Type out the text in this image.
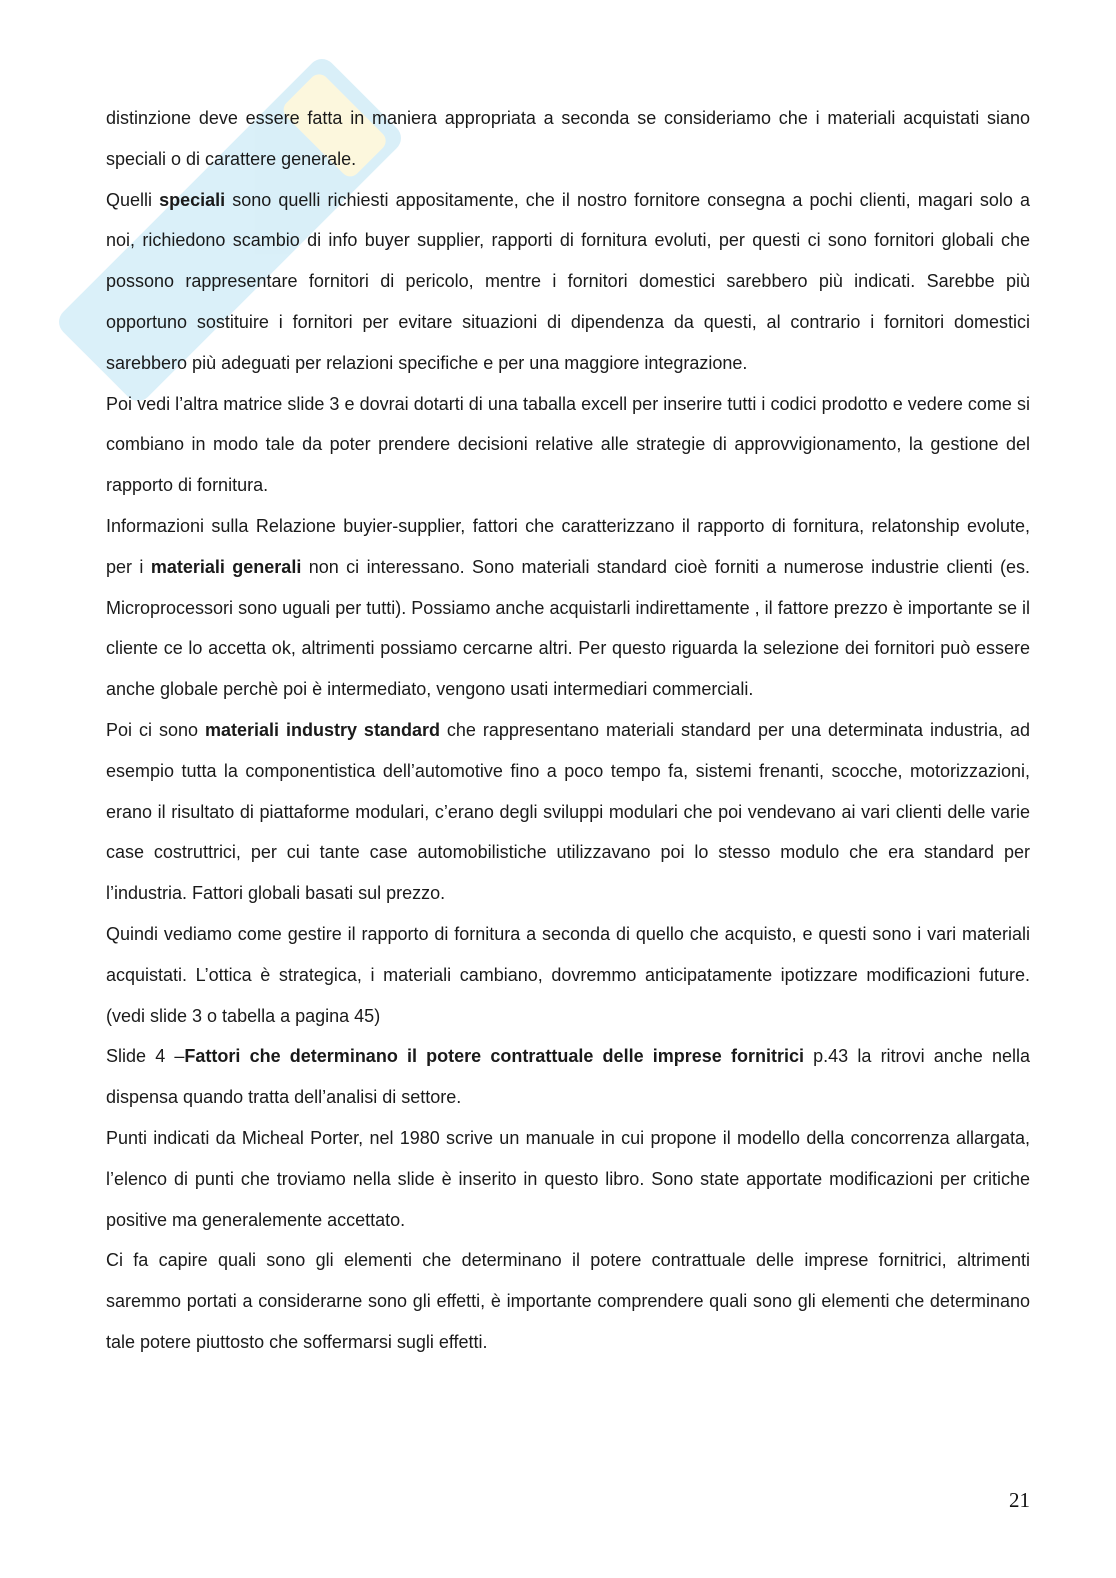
distinzione deve essere fatta in maniera appropriata a seconda se consideriamo che i materiali acquistati siano speciali o di carattere generale.

Quelli speciali sono quelli richiesti appositamente, che il nostro fornitore consegna a pochi clienti, magari solo a noi, richiedono scambio di info buyer supplier, rapporti di fornitura evoluti, per questi ci sono fornitori globali che possono rappresentare fornitori di pericolo, mentre i fornitori domestici sarebbero più indicati. Sarebbe più opportuno sostituire i fornitori per evitare situazioni di dipendenza da questi, al contrario i fornitori domestici sarebbero più adeguati per relazioni specifiche e per una maggiore integrazione.

Poi vedi l’altra matrice slide 3 e dovrai dotarti di una taballa excell per inserire tutti i codici prodotto e vedere come si combiano in modo tale da poter prendere decisioni relative alle strategie di approvvigionamento, la gestione del rapporto di fornitura.

Informazioni sulla Relazione buyier-supplier, fattori che caratterizzano il rapporto di fornitura, relatonship evolute, per i materiali generali non ci interessano. Sono materiali standard cioè forniti a numerose industrie clienti (es. Microprocessori sono uguali per tutti). Possiamo anche acquistarli indirettamente , il fattore prezzo è importante se il cliente ce lo accetta ok, altrimenti possiamo cercarne altri. Per questo riguarda la selezione dei fornitori può essere anche globale perchè poi è intermediato, vengono usati intermediari commerciali.

Poi ci sono materiali industry standard che rappresentano materiali standard per una determinata industria, ad esempio tutta la componentistica dell’automotive fino a poco tempo fa, sistemi frenanti, scocche, motorizzazioni, erano il risultato di piattaforme modulari, c’erano degli sviluppi modulari che poi vendevano ai vari clienti delle varie case costruttrici, per cui tante case automobilistiche utilizzavano poi lo stesso modulo che era standard per l’industria. Fattori globali basati sul prezzo.

Quindi vediamo come gestire il rapporto di fornitura a seconda di quello che acquisto, e questi sono i vari materiali acquistati. L’ottica è strategica, i materiali cambiano, dovremmo anticipatamente ipotizzare modificazioni future. (vedi slide 3 o tabella a pagina 45)

Slide 4 –Fattori che determinano il potere contrattuale delle imprese fornitrici p.43 la ritrovi anche nella dispensa quando tratta dell’analisi di settore.

Punti indicati da Micheal Porter, nel 1980 scrive un manuale in cui propone il modello della concorrenza allargata, l’elenco di punti che troviamo nella slide è inserito in questo libro. Sono state apportate modificazioni per critiche positive ma generalemente accettato.

Ci fa capire quali sono gli elementi che determinano il potere contrattuale delle imprese fornitrici, altrimenti saremmo portati a considerarne sono gli effetti, è importante comprendere quali sono gli elementi che determinano tale potere piuttosto che soffermarsi sugli effetti.

21
